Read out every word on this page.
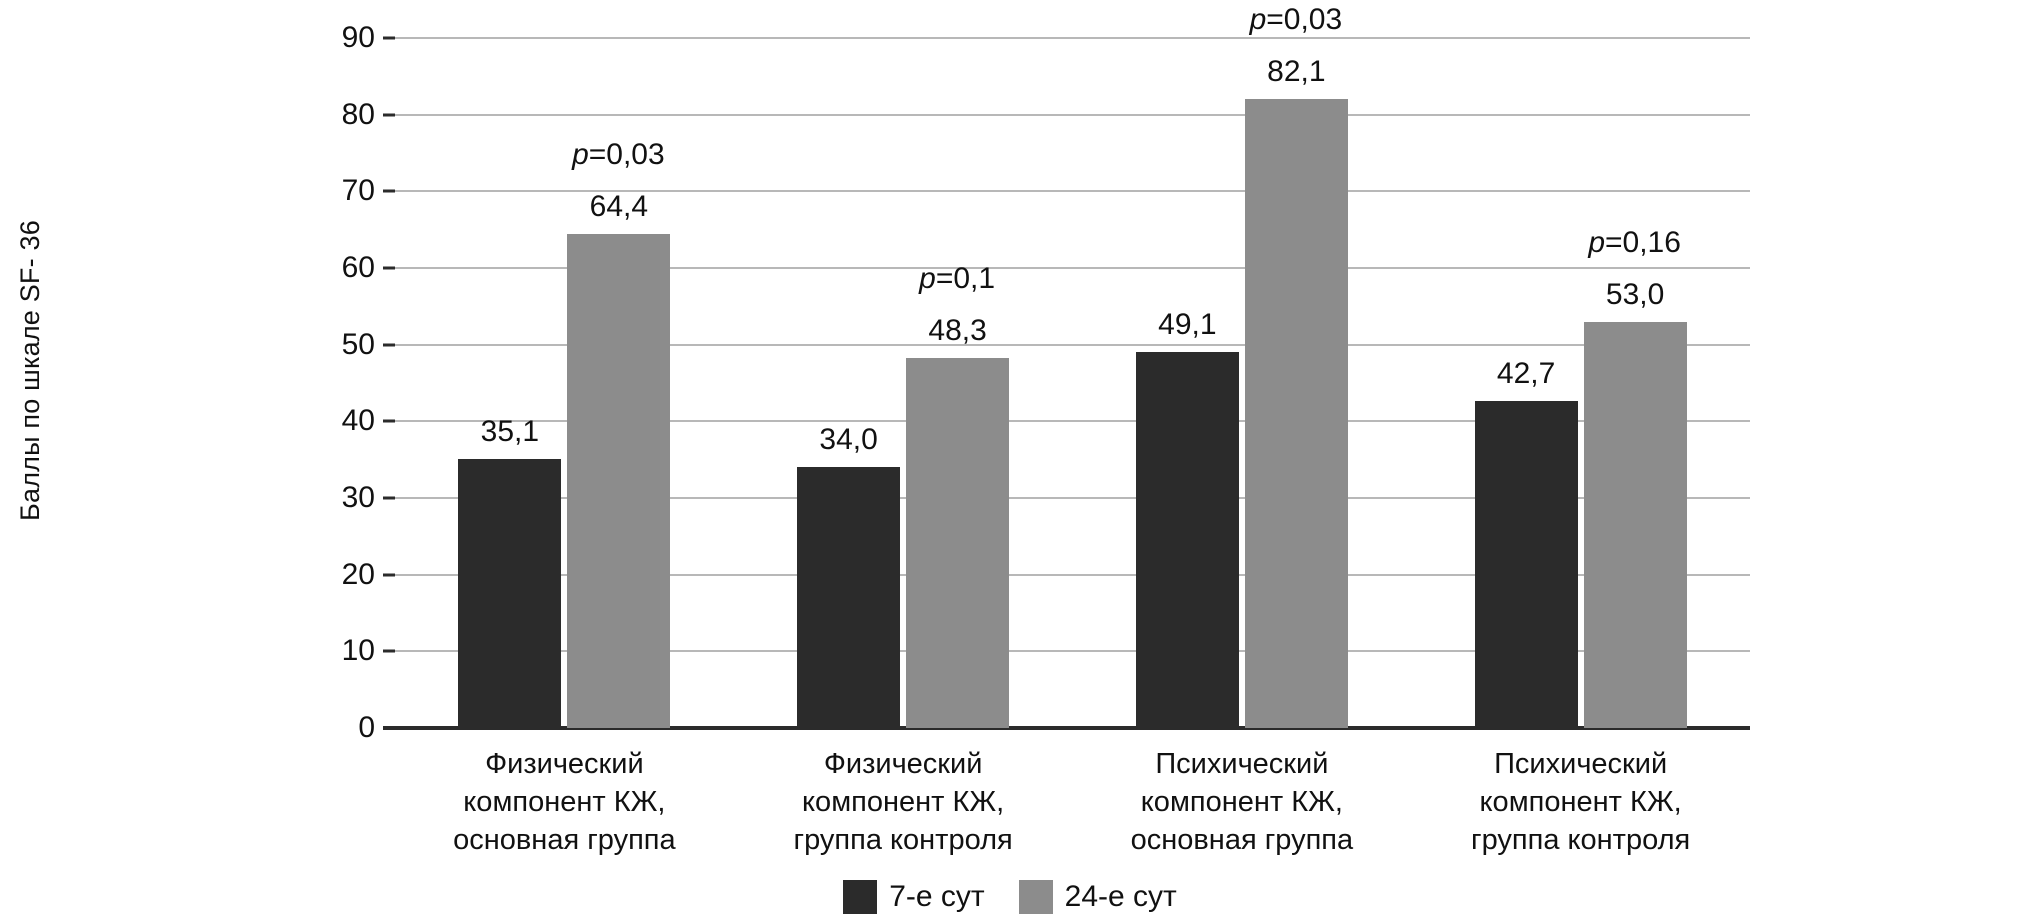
Баллы по шкале SF- 36
0
10
20
30
40
50
60
70
80
90
35,1
64,4
p=0,03
34,0
48,3
p=0,1
49,1
82,1
p=0,03
42,7
53,0
p=0,16
Физический
компонент КЖ,
основная группа
Физический
компонент КЖ,
группа контроля
Психический
компонент КЖ,
основная группа
Психический
компонент КЖ,
группа контроля
7-е сут	24-е сут
